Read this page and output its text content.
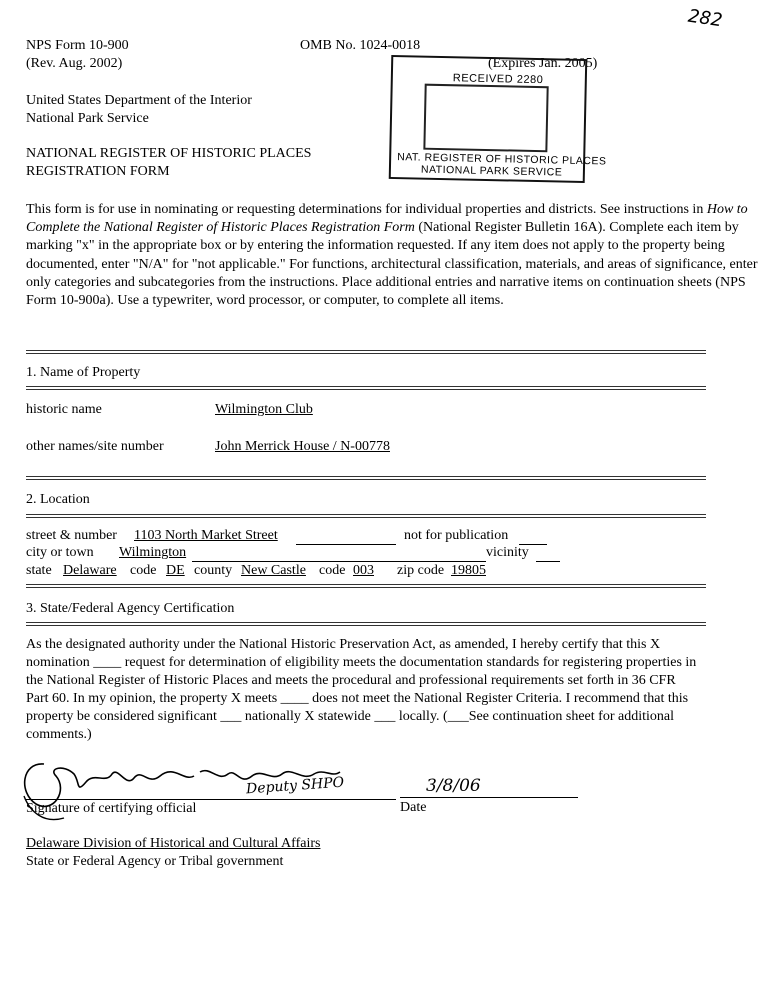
282
NPS Form 10-900
(Rev. Aug. 2002)
OMB No. 1024-0018
(Expires Jan. 2005)
United States Department of the Interior
National Park Service
NATIONAL REGISTER OF HISTORIC PLACES
REGISTRATION FORM
RECEIVED 2280
NAT. REGISTER OF HISTORIC PLACES
NATIONAL PARK SERVICE
This form is for use in nominating or requesting determinations for individual properties and districts. See instructions in How to Complete the National Register of Historic Places Registration Form (National Register Bulletin 16A). Complete each item by marking "x" in the appropriate box or by entering the information requested. If any item does not apply to the property being documented, enter "N/A" for "not applicable." For functions, architectural classification, materials, and areas of significance, enter only categories and subcategories from the instructions. Place additional entries and narrative items on continuation sheets (NPS Form 10-900a). Use a typewriter, word processor, or computer, to complete all items.
1. Name of Property
historic name	Wilmington Club
other names/site number	John Merrick House / N-00778
2. Location
street & number 1103 North Market Street	not for publication
city or town Wilmington	vicinity
state Delaware code DE county New Castle code 003 zip code 19805
3. State/Federal Agency Certification
As the designated authority under the National Historic Preservation Act, as amended, I hereby certify that this X
nomination ____ request for determination of eligibility meets the documentation standards for registering properties in
the National Register of Historic Places and meets the procedural and professional requirements set forth in 36 CFR
Part 60. In my opinion, the property X meets ____ does not meet the National Register Criteria. I recommend that this
property be considered significant ___ nationally X statewide ___ locally. (___See continuation sheet for additional
comments.)
Deputy SHPO	3/8/06
Signature of certifying official	Date
Delaware Division of Historical and Cultural Affairs
State or Federal Agency or Tribal government
